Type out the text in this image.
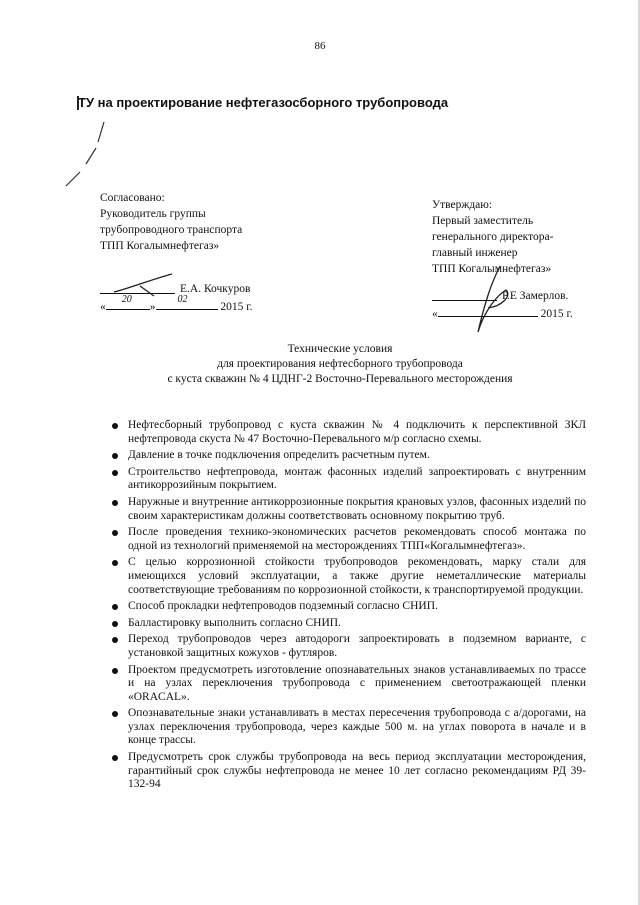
86
ТУ на проектирование нефтегазосборного трубопровода
Согласовано:
Руководитель группы
трубопроводного транспорта
ТПП Когалымнефтегаз»
Е.А. Кочкуров
«
20
»
02
2015 г.
Утверждаю:
Первый заместитель
генерального директора-
главный инженер
ТПП Когалымнефтегаз»
Р.Е Замерлов.
«	2015 г.
Технические условия
для проектирования нефтесборного трубопровода
с куста скважин № 4 ЦДНГ-2 Восточно-Перевального месторождения
Нефтесборный трубопровод с куста скважин № 4 подключить к перспективной ЗКЛ нефтепровода скуста № 47 Восточно-Перевального м/р согласно схемы.
Давление в точке подключения определить расчетным путем.
Строительство нефтепровода, монтаж фасонных изделий запроектировать с внутренним антикоррозийным покрытием.
Наружные и внутренние антикоррозионные покрытия крановых узлов, фасонных изделий по своим характеристикам должны соответствовать основному покрытию труб.
После проведения технико-экономических расчетов рекомендовать способ монтажа по одной из технологий применяемой на месторождениях ТПП«Когалымнефтегаз».
С целью коррозионной стойкости трубопроводов рекомендовать, марку стали для имеющихся условий эксплуатации, а также другие неметаллические материалы соответствующие требованиям по коррозионной стойкости, к транспортируемой продукции.
Способ прокладки нефтепроводов подземный согласно СНИП.
Балластировку выполнить согласно СНИП.
Переход трубопроводов через автодороги запроектировать в подземном варианте, с установкой защитных кожухов - футляров.
Проектом предусмотреть изготовление опознавательных знаков устанавливаемых по трассе и на узлах переключения трубопровода с применением светоотражающей пленки «ORACAL».
Опознавательные знаки устанавливать в местах пересечения трубопровода с а/дорогами, на узлах переключения трубопровода, через каждые 500 м. на углах поворота в начале и в конце трассы.
Предусмотреть срок службы трубопровода на весь период эксплуатации месторождения, гарантийный срок службы нефтепровода не менее 10 лет согласно рекомендациям РД 39-132-94
